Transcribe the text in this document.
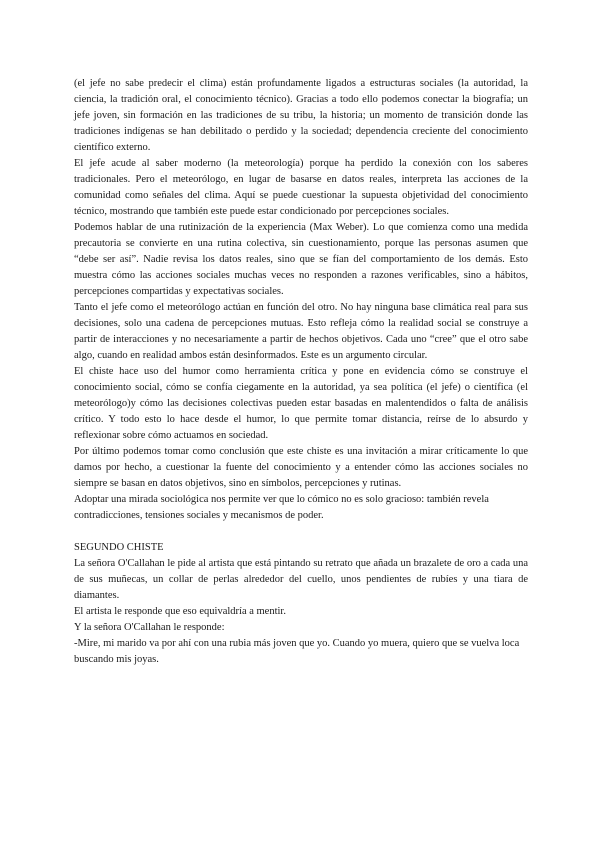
(el jefe no sabe predecir el clima) están profundamente ligados a estructuras sociales (la autoridad, la ciencia, la tradición oral, el conocimiento técnico). Gracias a todo ello podemos conectar la biografía; un jefe joven, sin formación en las tradiciones de su tribu, la historia; un momento de transición donde las tradiciones indígenas se han debilitado o perdido y la sociedad; dependencia creciente del conocimiento científico externo.

El jefe acude al saber moderno (la meteorología) porque ha perdido la conexión con los saberes tradicionales. Pero el meteorólogo, en lugar de basarse en datos reales, interpreta las acciones de la comunidad como señales del clima. Aquí se puede cuestionar la supuesta objetividad del conocimiento técnico, mostrando que también este puede estar condicionado por percepciones sociales.

Podemos hablar de una rutinización de la experiencia (Max Weber). Lo que comienza como una medida precautoria se convierte en una rutina colectiva, sin cuestionamiento, porque las personas asumen que “debe ser así”. Nadie revisa los datos reales, sino que se fían del comportamiento de los demás. Esto muestra cómo las acciones sociales muchas veces no responden a razones verificables, sino a hábitos, percepciones compartidas y expectativas sociales.

Tanto el jefe como el meteorólogo actúan en función del otro. No hay ninguna base climática real para sus decisiones, solo una cadena de percepciones mutuas. Esto refleja cómo la realidad social se construye a partir de interacciones y no necesariamente a partir de hechos objetivos. Cada uno “cree” que el otro sabe algo, cuando en realidad ambos están desinformados. Este es un argumento circular.

El chiste hace uso del humor como herramienta crítica y pone en evidencia cómo se construye el conocimiento social, cómo se confía ciegamente en la autoridad, ya sea política (el jefe) o científica (el meteorólogo)y cómo las decisiones colectivas pueden estar basadas en malentendidos o falta de análisis crítico. Y todo esto lo hace desde el humor, lo que permite tomar distancia, reírse de lo absurdo y reflexionar sobre cómo actuamos en sociedad.

Por último podemos tomar como conclusión que este chiste es una invitación a mirar críticamente lo que damos por hecho, a cuestionar la fuente del conocimiento y a entender cómo las acciones sociales no siempre se basan en datos objetivos, sino en símbolos, percepciones y rutinas.

Adoptar una mirada sociológica nos permite ver que lo cómico no es solo gracioso: también revela contradicciones, tensiones sociales y mecanismos de poder.

SEGUNDO CHISTE

La señora O'Callahan le pide al artista que está pintando su retrato que añada un brazalete de oro a cada una de sus muñecas, un collar de perlas alrededor del cuello, unos pendientes de rubíes y una tiara de diamantes.

El artista le responde que eso equivaldría a mentir.

Y la señora O'Callahan le responde:

-Mire, mi marido va por ahí con una rubia más joven que yo. Cuando yo muera, quiero que se vuelva loca buscando mis joyas.
